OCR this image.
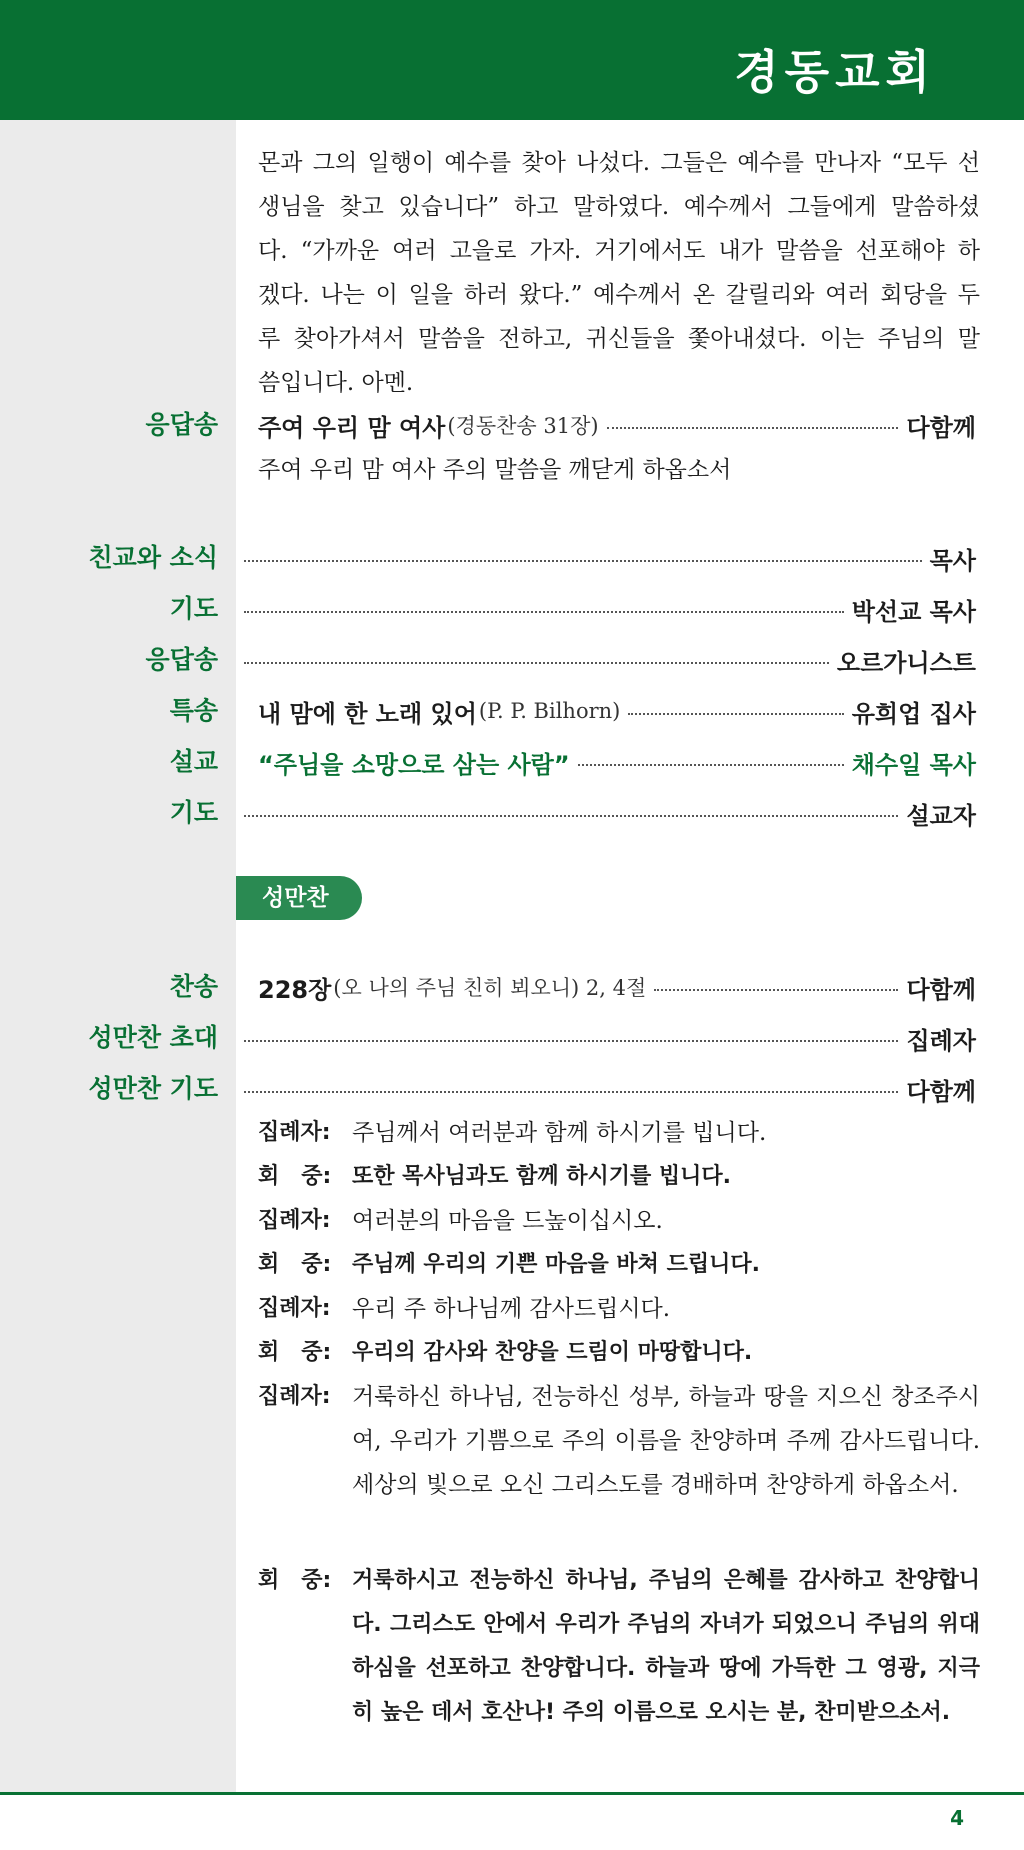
경동교회
몬과 그의 일행이 예수를 찾아 나섰다. 그들은 예수를 만나자 “모두 선
생님을 찾고 있습니다” 하고 말하였다. 예수께서 그들에게 말씀하셨
다. “가까운 여러 고을로 가자. 거기에서도 내가 말씀을 선포해야 하
겠다. 나는 이 일을 하러 왔다.” 예수께서 온 갈릴리와 여러 회당을 두
루 찾아가셔서 말씀을 전하고, 귀신들을 쫓아내셨다. 이는 주님의 말
씀입니다. 아멘.
응답송 주여 우리 맘 여사 (경동찬송 31장)	다함께
주여 우리 맘 여사 주의 말씀을 깨닫게 하옵소서
친교와 소식	목사
기도	박선교 목사
응답송	오르가니스트
특송 내 맘에 한 노래 있어 (P. P. Bilhorn)	유희업 집사
설교 “주님을 소망으로 삼는 사람”	채수일 목사
기도	설교자
성만찬
찬송 228장 (오 나의 주님 친히 뵈오니) 2, 4절	다함께
성만찬 초대	집례자
성만찬 기도	다함께
집례자: 주님께서 여러분과 함께 하시기를 빕니다.
회　중: 또한 목사님과도 함께 하시기를 빕니다.
집례자: 여러분의 마음을 드높이십시오.
회　중: 주님께 우리의 기쁜 마음을 바쳐 드립니다.
집례자: 우리 주 하나님께 감사드립시다.
회　중: 우리의 감사와 찬양을 드림이 마땅합니다.
집례자: 거룩하신 하나님, 전능하신 성부, 하늘과 땅을 지으신 창조주시여, 우리가 기쁨으로 주의 이름을 찬양하며 주께 감사드립니다. 세상의 빛으로 오신 그리스도를 경배하며 찬양하게 하옵소서.
회　중: 거룩하시고 전능하신 하나님, 주님의 은혜를 감사하고 찬양합니다. 그리스도 안에서 우리가 주님의 자녀가 되었으니 주님의 위대하심을 선포하고 찬양합니다. 하늘과 땅에 가득한 그 영광, 지극히 높은 데서 호산나! 주의 이름으로 오시는 분, 찬미받으소서.
4
